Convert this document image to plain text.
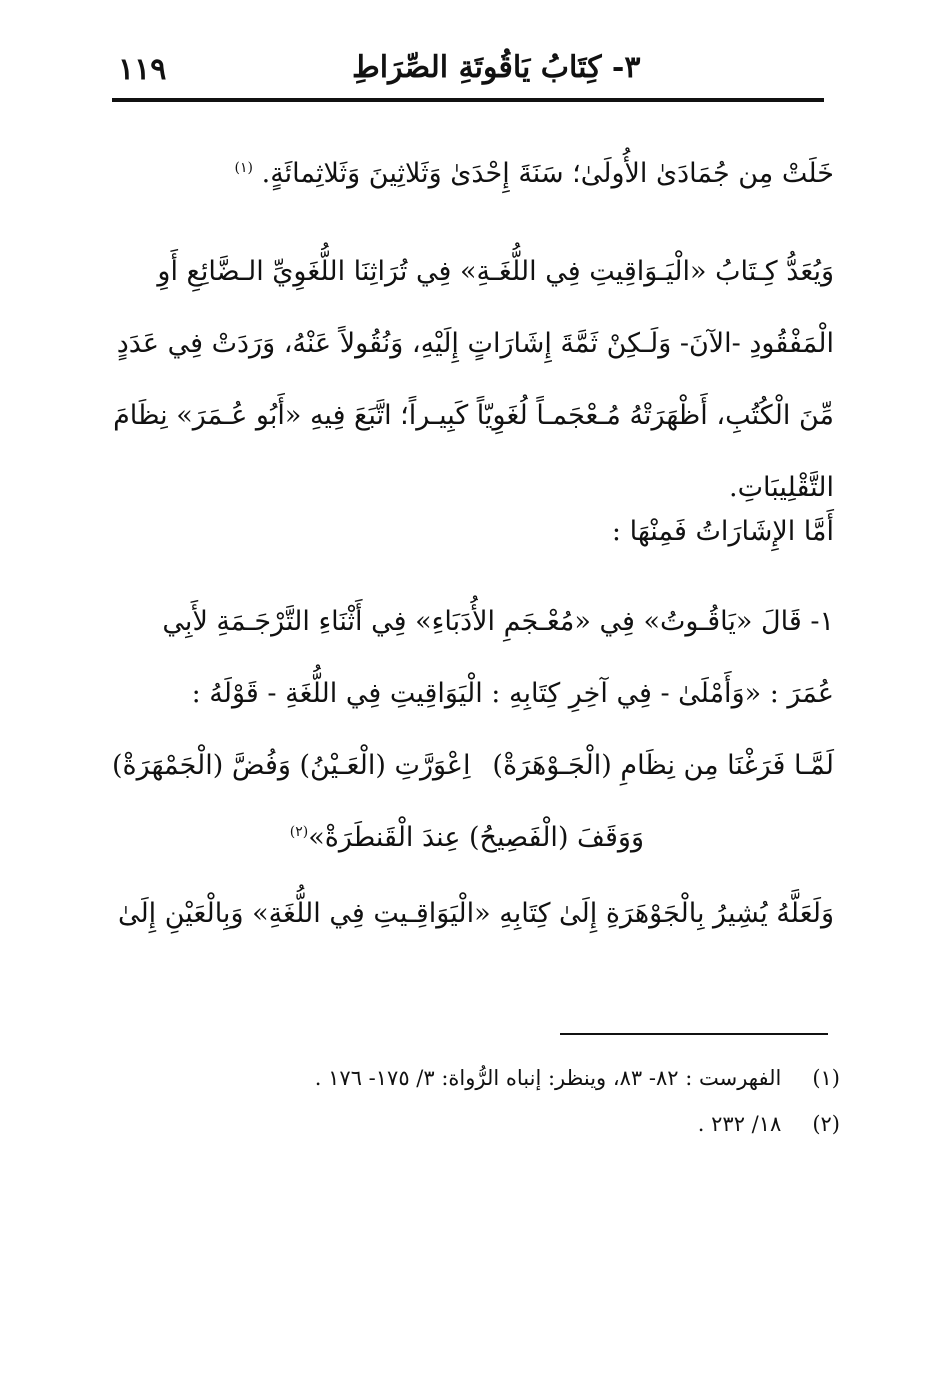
١١٩	٣- كِتَابُ يَاقُوتَةِ الصِّرَاطِ

خَلَتْ مِن جُمَادَىٰ الأُولَىٰ؛ سَنَةَ إِحْدَىٰ وَثَلاثِينَ وَثَلاثِمائَةٍ. $^{(١)}$

وَيُعَدُّ كِـتَابُ «الْيَـوَاقِيتِ فِي اللُّغَـةِ» فِي تُرَاثِنَا اللُّغَوِيِّ الـضَّائِعِ أَوِ
الْمَفْقُودِ -الآنَ- وَلَـكِنْ ثَمَّةَ إِشَارَاتٍ إِلَيْهِ، وَنُقُولاً عَنْهُ، وَرَدَتْ فِي عَدَدٍ
مِّنَ الْكُتُبِ، أَظْهَرَتْهُ مُـعْجَمـاً لُغَوِيّاً كَبِيـراً؛ اتَّبَعَ فِيهِ «أَبُو عُـمَرَ» نِظَامَ
التَّقْلِيبَاتِ.

أَمَّا الإِشَارَاتُ فَمِنْهَا :

١- قَالَ «يَاقُـوتُ» فِي «مُعْـجَمِ الأُدَبَاءِ» فِي أَثْنَاءِ التَّرْجَـمَةِ لأَبِي
عُمَرَ : «وَأَمْلَىٰ - فِي آخِرِ كِتَابِهِ : الْيَوَاقِيتِ فِي اللُّغَةِ - قَوْلَهُ :

لَمَّـا فَرَغْنَا مِن نِظَامِ (الْجَـوْهَرَةْ)
اِعْوَرَّتِ (الْعَـيْنُ) وَفُضَّ (الْجَمْهَرَةْ)
وَوَقَفَ (الْفَصِيحُ) عِندَ الْقَنطَرَةْ»$^{(٢)}$

وَلَعَلَّهُ يُشِيرُ بِالْجَوْهَرَةِ إِلَىٰ كِتَابِهِ «الْيَوَاقِـيتِ فِي اللُّغَةِ» وَبِالْعَيْنِ إِلَىٰ

(١) الفهرست : ٨٢- ٨٣، وينظر: إنباه الرُّواة: ٣/ ١٧٥- ١٧٦ .
(٢) ١٨/ ٢٣٢ .
